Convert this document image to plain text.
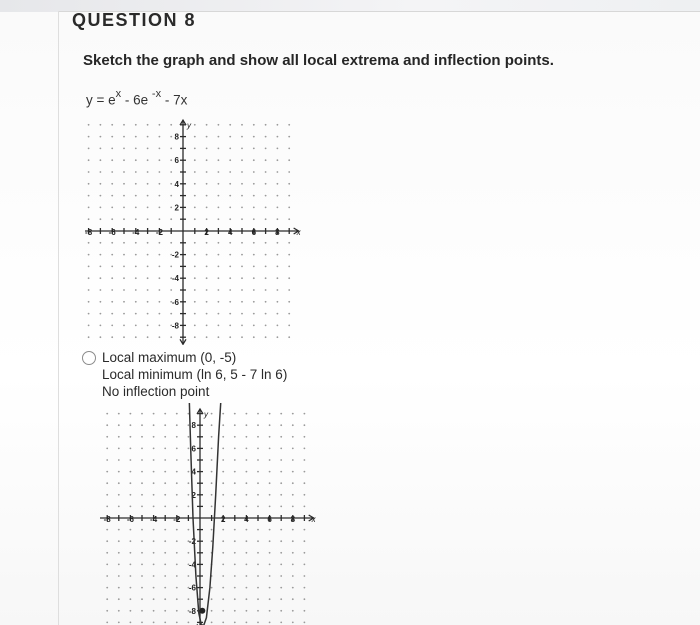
QUESTION 8
Sketch the graph and show all local extrema and inflection points.
$y = e^x - 6e$ $^{-x}$ - 7x
-8 -6 -4 -2	2 4 6 8
8
6
4
2
-2
-4
-6
-8
x
y
Local maximum (0, -5)
Local minimum (ln 6, 5 - 7 ln 6)
No inflection point
-8 -6 -4 -2	2 4 6 8
8
6
4
2
-2
-4
-6
-8
x
y
